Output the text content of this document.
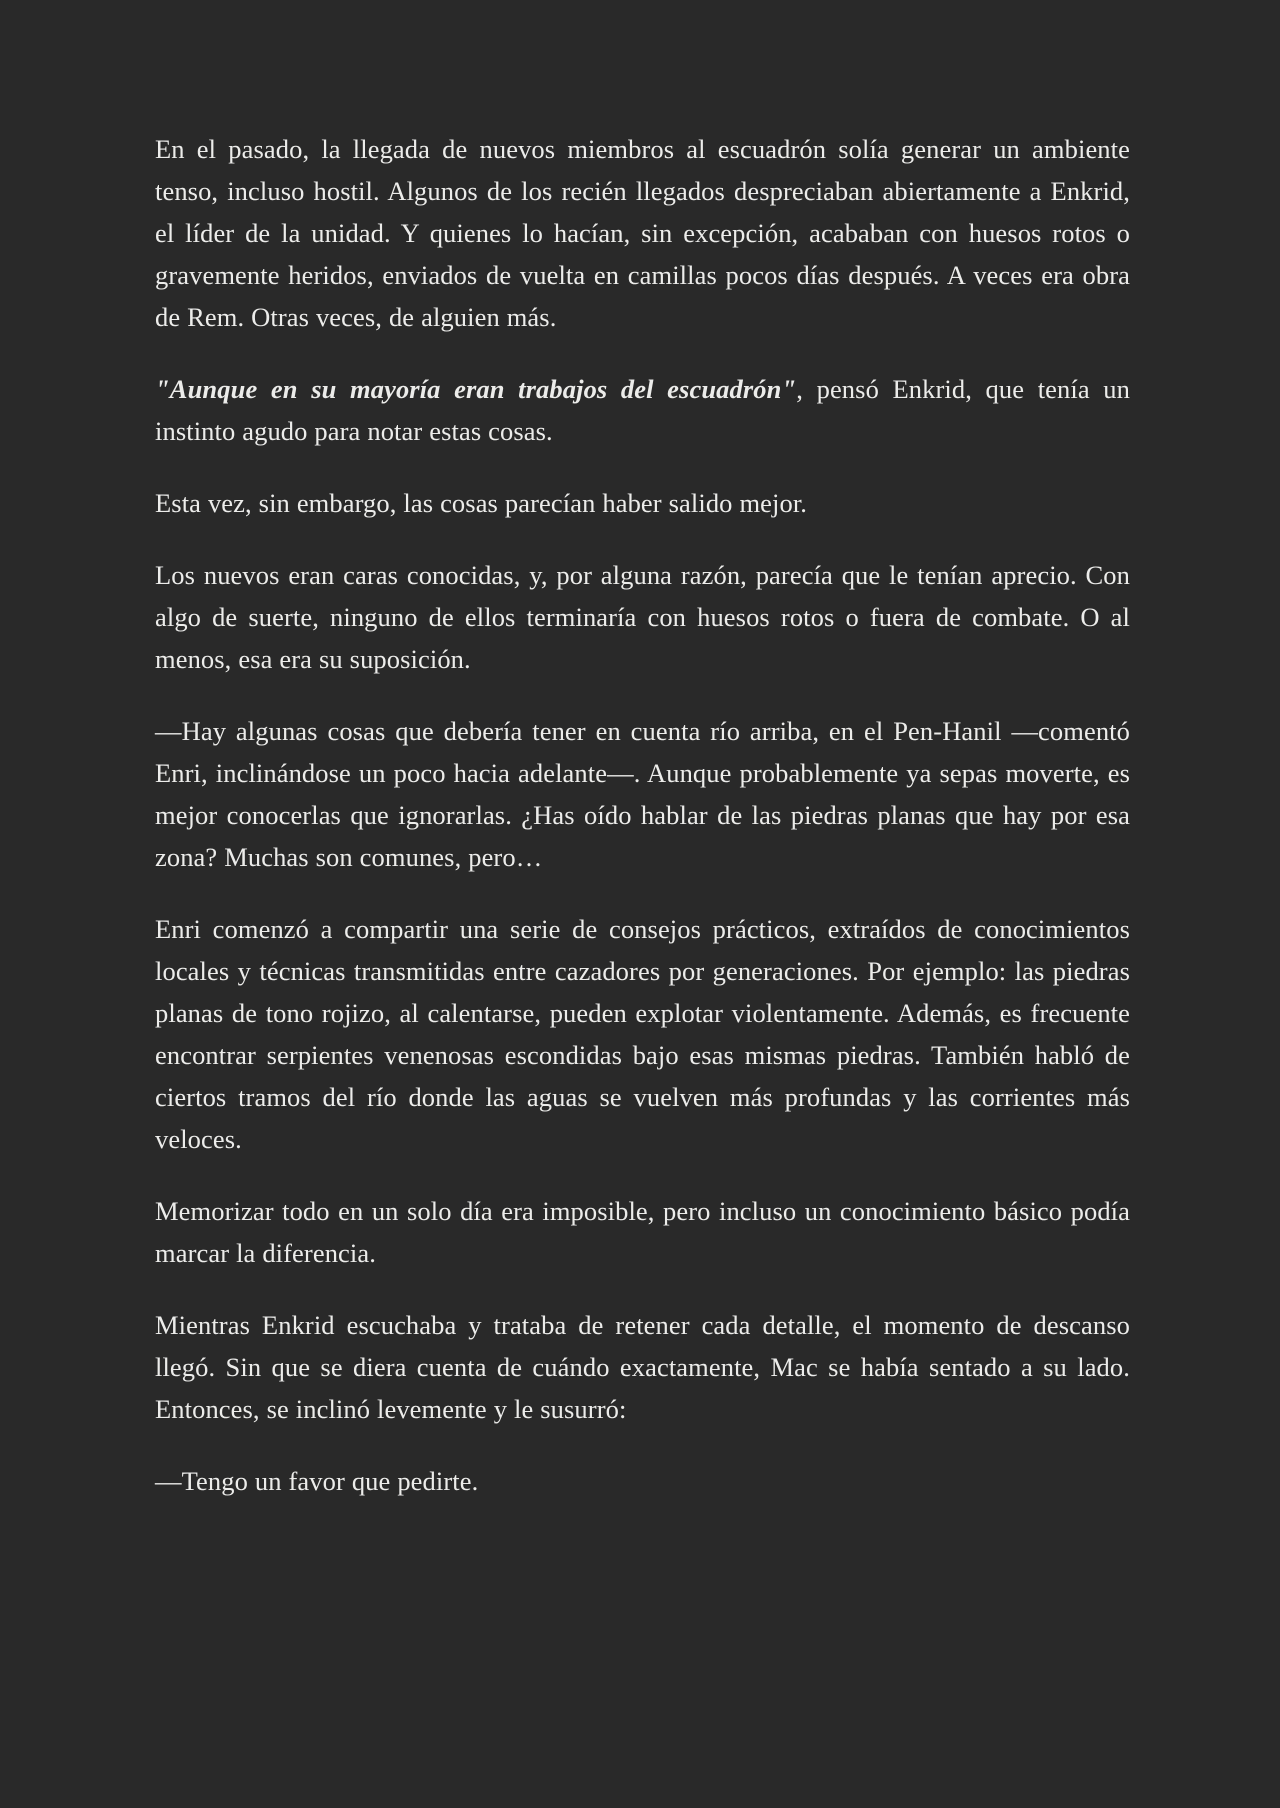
En el pasado, la llegada de nuevos miembros al escuadrón solía generar un ambiente tenso, incluso hostil. Algunos de los recién llegados despreciaban abiertamente a Enkrid, el líder de la unidad. Y quienes lo hacían, sin excepción, acababan con huesos rotos o gravemente heridos, enviados de vuelta en camillas pocos días después. A veces era obra de Rem. Otras veces, de alguien más.

"Aunque en su mayoría eran trabajos del escuadrón", pensó Enkrid, que tenía un instinto agudo para notar estas cosas.

Esta vez, sin embargo, las cosas parecían haber salido mejor.

Los nuevos eran caras conocidas, y, por alguna razón, parecía que le tenían aprecio. Con algo de suerte, ninguno de ellos terminaría con huesos rotos o fuera de combate. O al menos, esa era su suposición.

—Hay algunas cosas que debería tener en cuenta río arriba, en el Pen-Hanil —comentó Enri, inclinándose un poco hacia adelante—. Aunque probablemente ya sepas moverte, es mejor conocerlas que ignorarlas. ¿Has oído hablar de las piedras planas que hay por esa zona? Muchas son comunes, pero…

Enri comenzó a compartir una serie de consejos prácticos, extraídos de conocimientos locales y técnicas transmitidas entre cazadores por generaciones. Por ejemplo: las piedras planas de tono rojizo, al calentarse, pueden explotar violentamente. Además, es frecuente encontrar serpientes venenosas escondidas bajo esas mismas piedras. También habló de ciertos tramos del río donde las aguas se vuelven más profundas y las corrientes más veloces.

Memorizar todo en un solo día era imposible, pero incluso un conocimiento básico podía marcar la diferencia.

Mientras Enkrid escuchaba y trataba de retener cada detalle, el momento de descanso llegó. Sin que se diera cuenta de cuándo exactamente, Mac se había sentado a su lado. Entonces, se inclinó levemente y le susurró:

—Tengo un favor que pedirte.
